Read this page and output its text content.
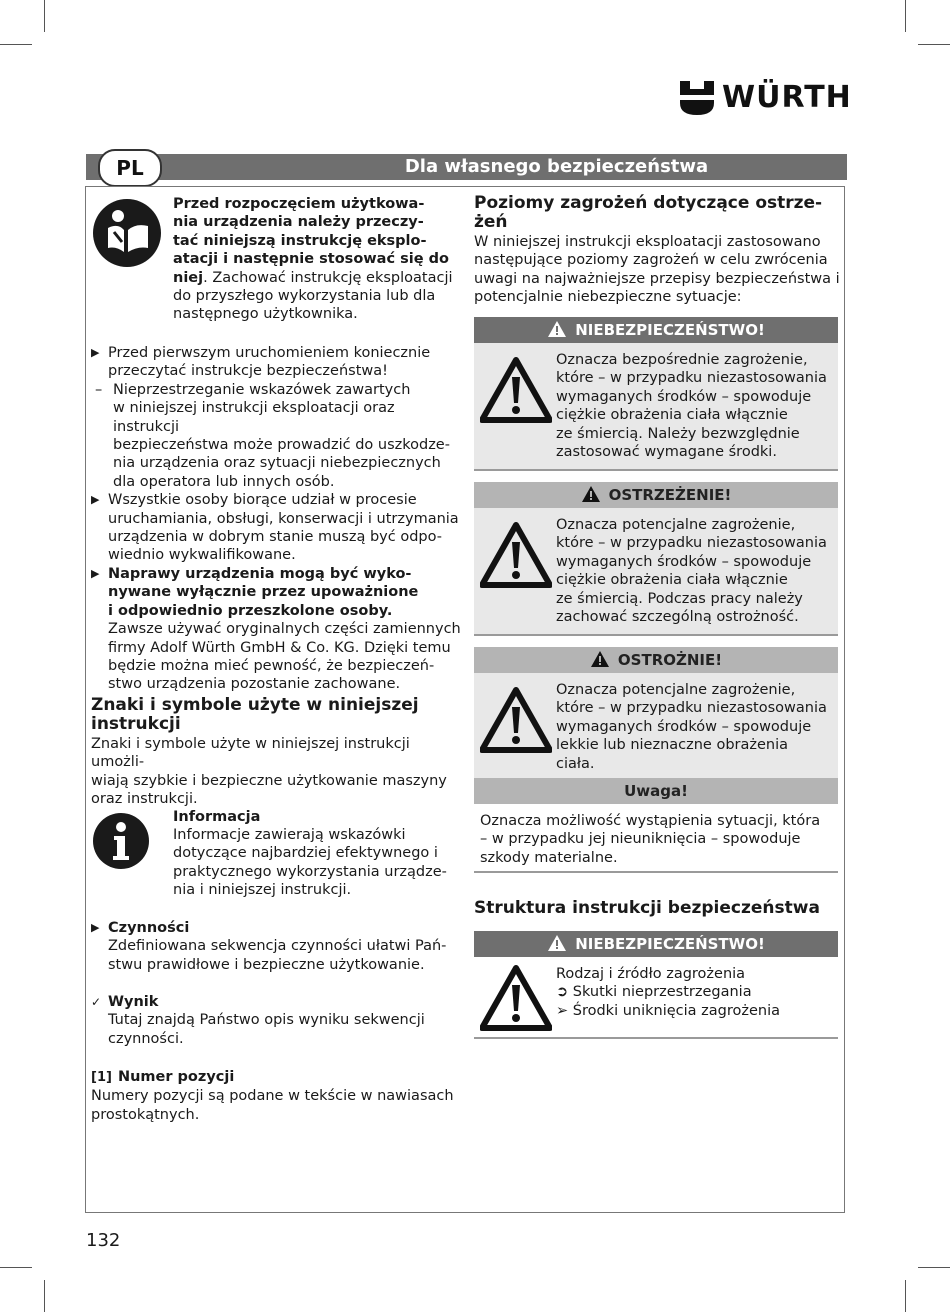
WÜRTH
Dla własnego bezpieczeństwa
PL
Przed rozpoczęciem użytkowa-
nia urządzenia należy przeczy-
tać niniejszą instrukcję eksplo-
atacji i następnie stosować się do
niej. Zachować instrukcję eksploatacji
do przyszłego wykorzystania lub dla
następnego użytkownika.
▶ Przed pierwszym uruchomieniem koniecznie
przeczytać instrukcje bezpieczeństwa!
– Nieprzestrzeganie wskazówek zawartych
w niniejszej instrukcji eksploatacji oraz instrukcji
bezpieczeństwa może prowadzić do uszkodze-
nia urządzenia oraz sytuacji niebezpiecznych
dla operatora lub innych osób.
▶ Wszystkie osoby biorące udział w procesie
uruchamiania, obsługi, konserwacji i utrzymania
urządzenia w dobrym stanie muszą być odpo-
wiednio wykwalifikowane.
▶ Naprawy urządzenia mogą być wyko-
nywane wyłącznie przez upoważnione
i odpowiednio przeszkolone osoby.
Zawsze używać oryginalnych części zamiennych
firmy Adolf Würth GmbH & Co. KG. Dzięki temu
będzie można mieć pewność, że bezpieczeń-
stwo urządzenia pozostanie zachowane.
Znaki i symbole użyte w niniejszej
instrukcji
Znaki i symbole użyte w niniejszej instrukcji umożli-
wiają szybkie i bezpieczne użytkowanie maszyny
oraz instrukcji.
Informacja
Informacje zawierają wskazówki
dotyczące najbardziej efektywnego i
praktycznego wykorzystania urządze-
nia i niniejszej instrukcji.
▶ Czynności
Zdefiniowana sekwencja czynności ułatwi Pań-
stwu prawidłowe i bezpieczne użytkowanie.
✓ Wynik
Tutaj znajdą Państwo opis wyniku sekwencji
czynności.
[1] Numer pozycji
Numery pozycji są podane w tekście w nawiasach
prostokątnych.
Poziomy zagrożeń dotyczące ostrze-
żeń
W niniejszej instrukcji eksploatacji zastosowano
następujące poziomy zagrożeń w celu zwrócenia
uwagi na najważniejsze przepisy bezpieczeństwa i
potencjalnie niebezpieczne sytuacje:
NIEBEZPIECZEŃSTWO!
Oznacza bezpośrednie zagrożenie,
które – w przypadku niezastosowania
wymaganych środków – spowoduje
ciężkie obrażenia ciała włącznie
ze śmiercią. Należy bezwzględnie
zastosować wymagane środki.
OSTRZEŻENIE!
Oznacza potencjalne zagrożenie,
które – w przypadku niezastosowania
wymaganych środków – spowoduje
ciężkie obrażenia ciała włącznie
ze śmiercią. Podczas pracy należy
zachować szczególną ostrożność.
OSTROŻNIE!
Oznacza potencjalne zagrożenie,
które – w przypadku niezastosowania
wymaganych środków – spowoduje
lekkie lub nieznaczne obrażenia ciała.
Uwaga!
Oznacza możliwość wystąpienia sytuacji, która
– w przypadku jej nieuniknięcia – spowoduje
szkody materialne.
Struktura instrukcji bezpieczeństwa
NIEBEZPIECZEŃSTWO!
Rodzaj i źródło zagrożenia
➲ Skutki nieprzestrzegania
➢ Środki uniknięcia zagrożenia
132
